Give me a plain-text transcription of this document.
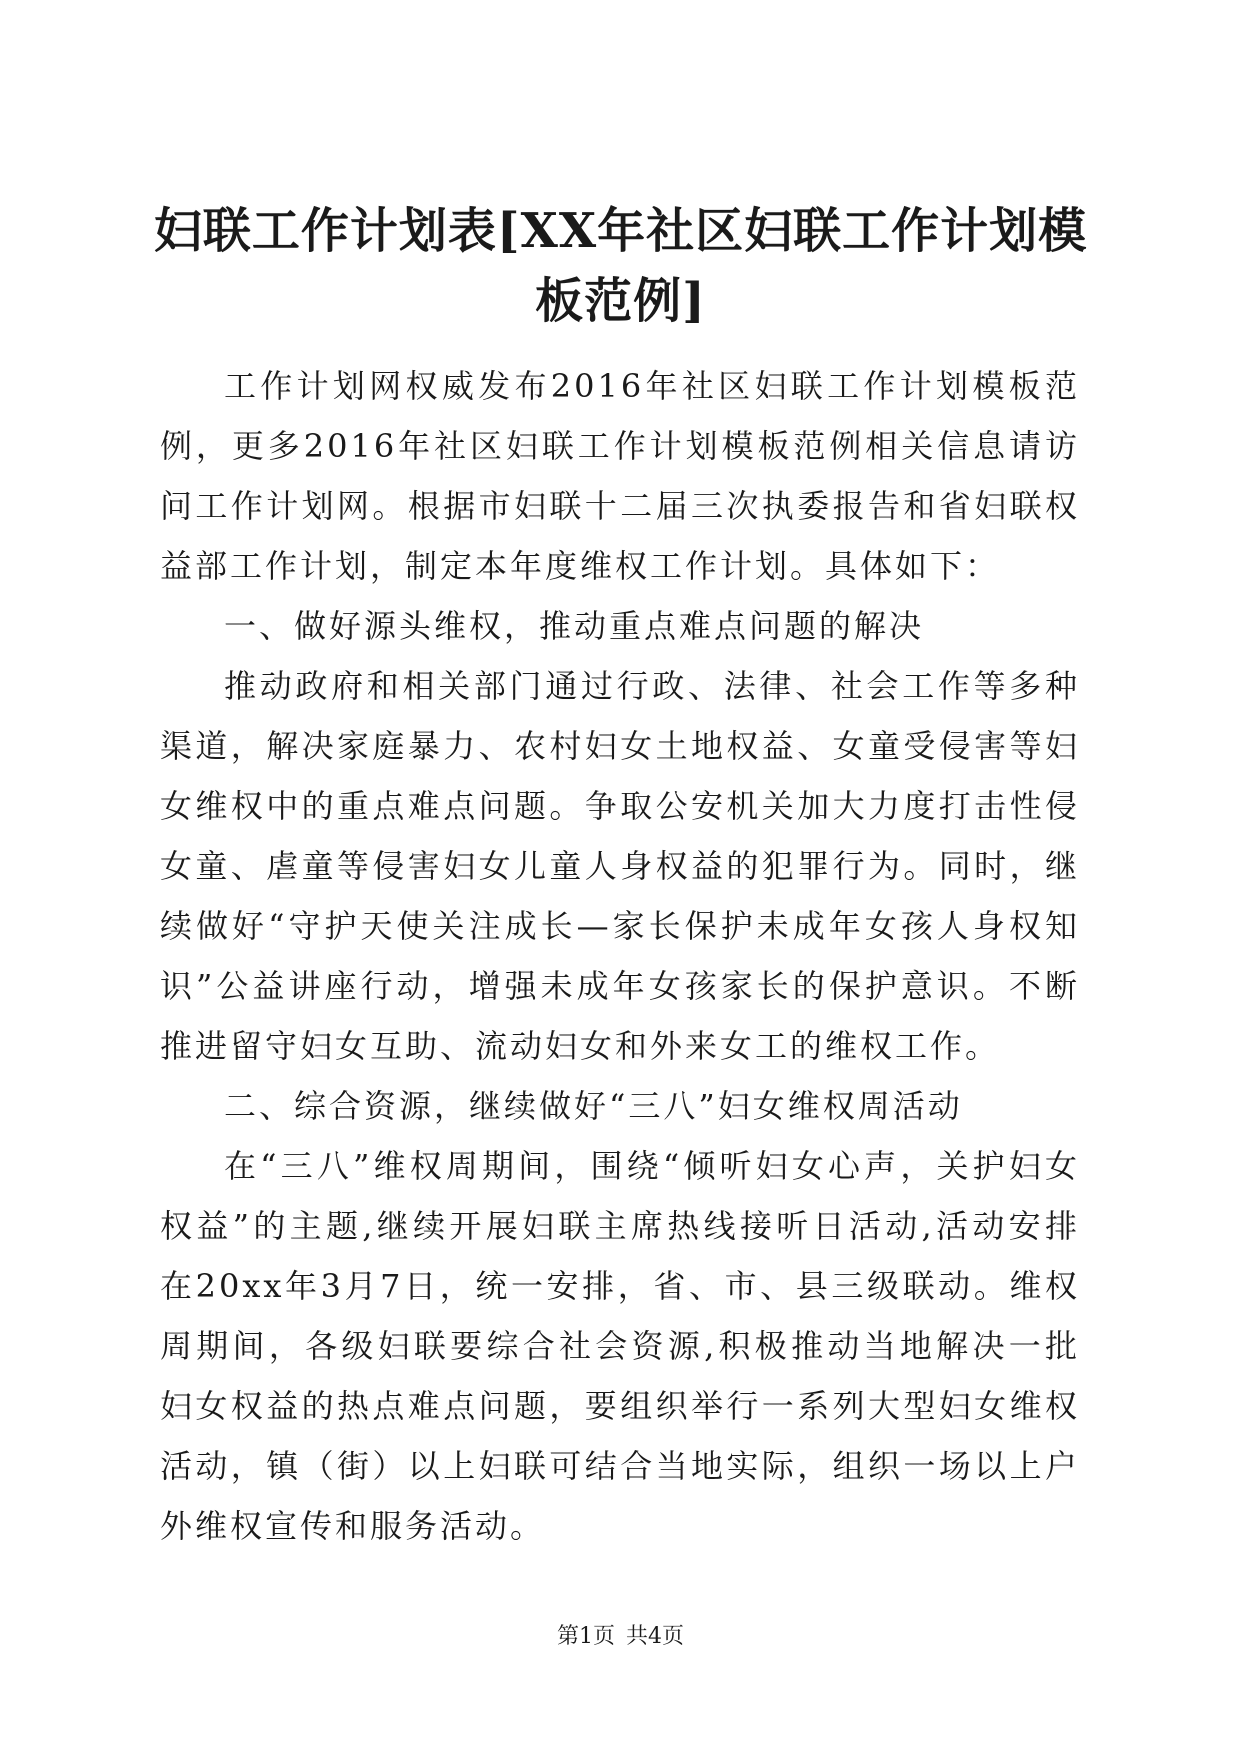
妇联工作计划表[XX年社区妇联工作计划模板范例]

工作计划网权威发布2016年社区妇联工作计划模板范例，更多2016年社区妇联工作计划模板范例相关信息请访问工作计划网。根据市妇联十二届三次执委报告和省妇联权益部工作计划，制定本年度维权工作计划。具体如下：

一、做好源头维权，推动重点难点问题的解决

推动政府和相关部门通过行政、法律、社会工作等多种渠道，解决家庭暴力、农村妇女土地权益、女童受侵害等妇女维权中的重点难点问题。争取公安机关加大力度打击性侵女童、虐童等侵害妇女儿童人身权益的犯罪行为。同时，继续做好“守护天使关注成长—家长保护未成年女孩人身权知识”公益讲座行动，增强未成年女孩家长的保护意识。不断推进留守妇女互助、流动妇女和外来女工的维权工作。

二、综合资源，继续做好“三八”妇女维权周活动

在“三八”维权周期间，围绕“倾听妇女心声，关护妇女权益”的主题,继续开展妇联主席热线接听日活动,活动安排在20xx年3月7日，统一安排，省、市、县三级联动。维权周期间，各级妇联要综合社会资源,积极推动当地解决一批妇女权益的热点难点问题，要组织举行一系列大型妇女维权活动，镇（街）以上妇联可结合当地实际，组织一场以上户外维权宣传和服务活动。

第1页 共4页
